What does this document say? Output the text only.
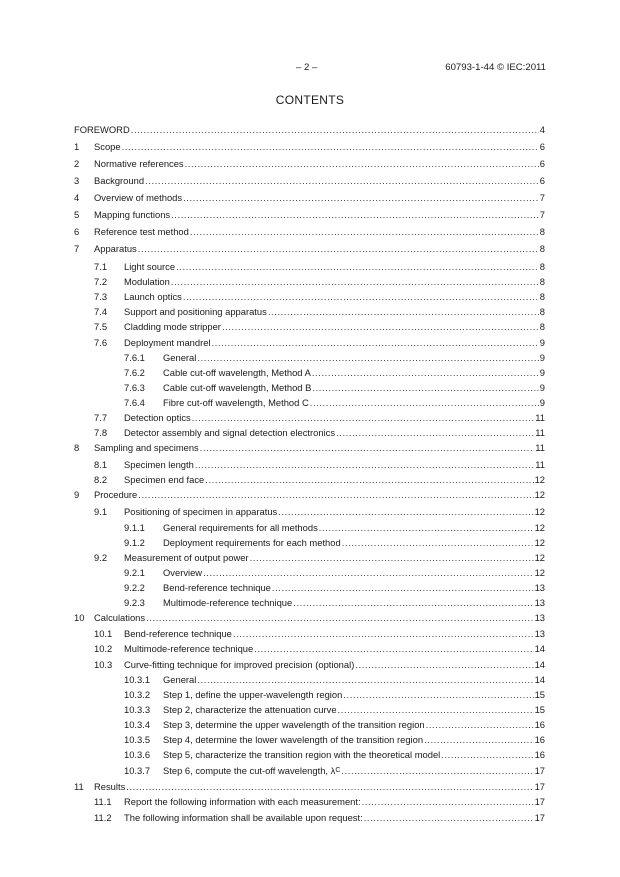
– 2 –	60793-1-44 © IEC:2011
CONTENTS
FOREWORD .....	4
1 Scope .....	6
2 Normative references .....	6
3 Background .....	6
4 Overview of methods .....	7
5 Mapping functions .....	7
6 Reference test method .....	8
7 Apparatus .....	8
7.1 Light source .....	8
7.2 Modulation .....	8
7.3 Launch optics .....	8
7.4 Support and positioning apparatus .....	8
7.5 Cladding mode stripper .....	8
7.6 Deployment mandrel .....	9
7.6.1 General .....	9
7.6.2 Cable cut-off wavelength, Method A .....	9
7.6.3 Cable cut-off wavelength, Method B .....	9
7.6.4 Fibre cut-off wavelength, Method C .....	9
7.7 Detection optics .....	11
7.8 Detector assembly and signal detection electronics .....	11
8 Sampling and specimens .....	11
8.1 Specimen length .....	11
8.2 Specimen end face .....	12
9 Procedure .....	12
9.1 Positioning of specimen in apparatus .....	12
9.1.1 General requirements for all methods .....	12
9.1.2 Deployment requirements for each method .....	12
9.2 Measurement of output power .....	12
9.2.1 Overview .....	12
9.2.2 Bend-reference technique .....	13
9.2.3 Multimode-reference technique .....	13
10 Calculations .....	13
10.1 Bend-reference technique .....	13
10.2 Multimode-reference technique .....	14
10.3 Curve-fitting technique for improved precision (optional) .....	14
10.3.1 General .....	14
10.3.2 Step 1, define the upper-wavelength region .....	15
10.3.3 Step 2, characterize the attenuation curve .....	15
10.3.4 Step 3, determine the upper wavelength of the transition region .....	16
10.3.5 Step 4, determine the lower wavelength of the transition region .....	16
10.3.6 Step 5, characterize the transition region with the theoretical model .....	16
10.3.7 Step 6, compute the cut-off wavelength, λ C .....	17
11 Results .....	17
11.1 Report the following information with each measurement: .....	17
11.2 The following information shall be available upon request: .....	17
